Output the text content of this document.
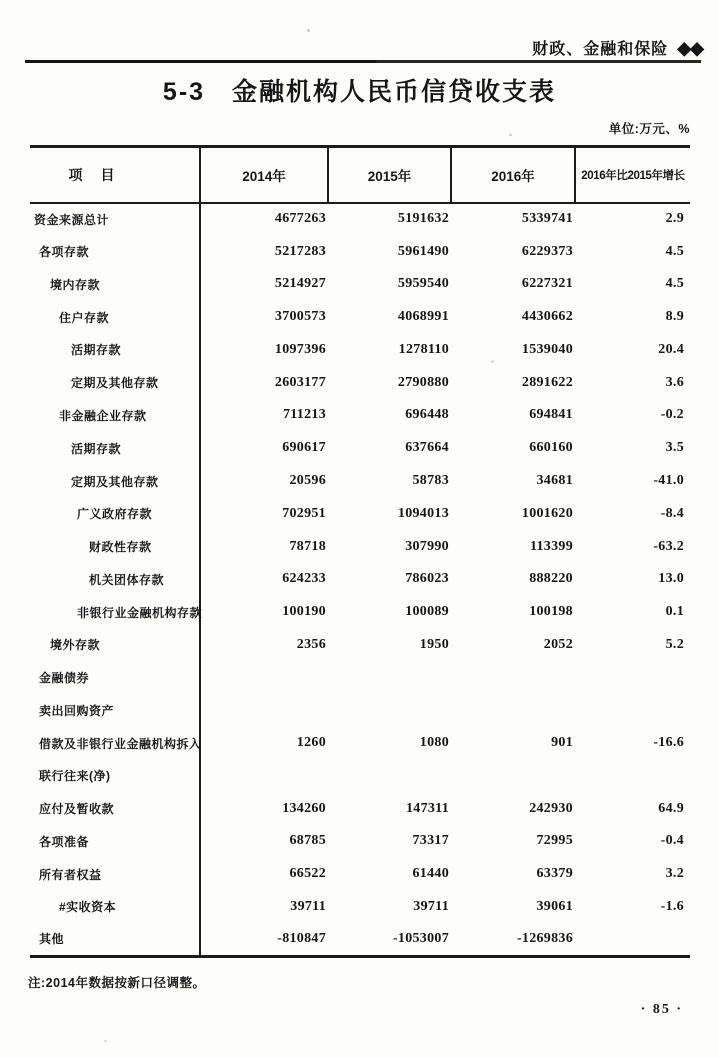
财政、金融和保险 ◆◆
5-3　金融机构人民币信贷收支表
单位:万元、%
项　目	2014年	2015年	2016年	2016年比2015年增长
资金来源总计	4677263	5191632	5339741	2.9
各项存款	5217283	5961490	6229373	4.5
境内存款	5214927	5959540	6227321	4.5
住户存款	3700573	4068991	4430662	8.9
活期存款	1097396	1278110	1539040	20.4
定期及其他存款	2603177	2790880	2891622	3.6
非金融企业存款	711213	696448	694841	-0.2
活期存款	690617	637664	660160	3.5
定期及其他存款	20596	58783	34681	-41.0
广义政府存款	702951	1094013	1001620	-8.4
财政性存款	78718	307990	113399	-63.2
机关团体存款	624233	786023	888220	13.0
非银行业金融机构存款	100190	100089	100198	0.1
境外存款	2356	1950	2052	5.2
金融债券				
卖出回购资产				
借款及非银行业金融机构拆入	1260	1080	901	-16.6
联行往来(净)				
应付及暂收款	134260	147311	242930	64.9
各项准备	68785	73317	72995	-0.4
所有者权益	66522	61440	63379	3.2
#实收资本	39711	39711	39061	-1.6
其他	-810847	-1053007	-1269836	
注:2014年数据按新口径调整。
· 85 ·
